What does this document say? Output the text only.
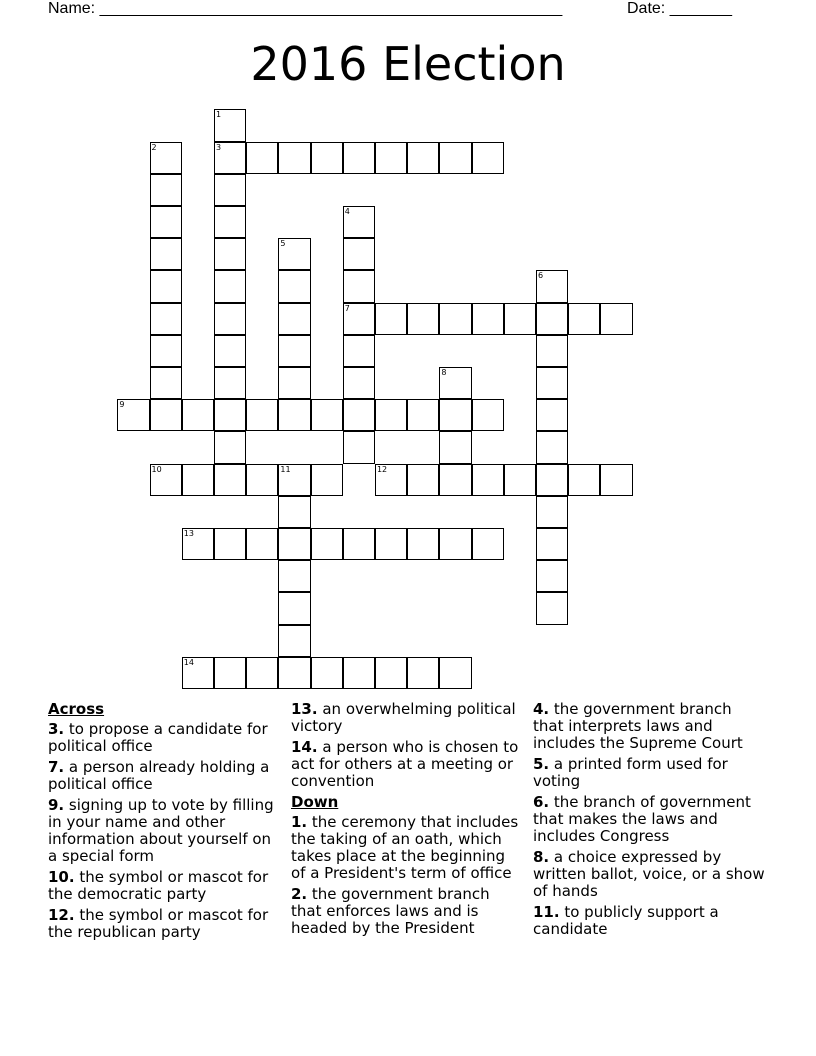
Name: ____________________________________________________	Date: _______
2016 Election
1
3
2
4
5
6
7
8
9
10	11	12
13
14
Across
3. to propose a candidate for political office
7. a person already holding a political office
9. signing up to vote by filling in your name and other information about yourself on a special form
10. the symbol or mascot for the democratic party
12. the symbol or mascot for the republican party
13. an overwhelming political victory
14. a person who is chosen to act for others at a meeting or convention
Down
1. the ceremony that includes the taking of an oath, which takes place at the beginning of a President's term of office
2. the government branch that enforces laws and is headed by the President
4. the government branch that interprets laws and includes the Supreme Court
5. a printed form used for voting
6. the branch of government that makes the laws and includes Congress
8. a choice expressed by written ballot, voice, or a show of hands
11. to publicly support a candidate
